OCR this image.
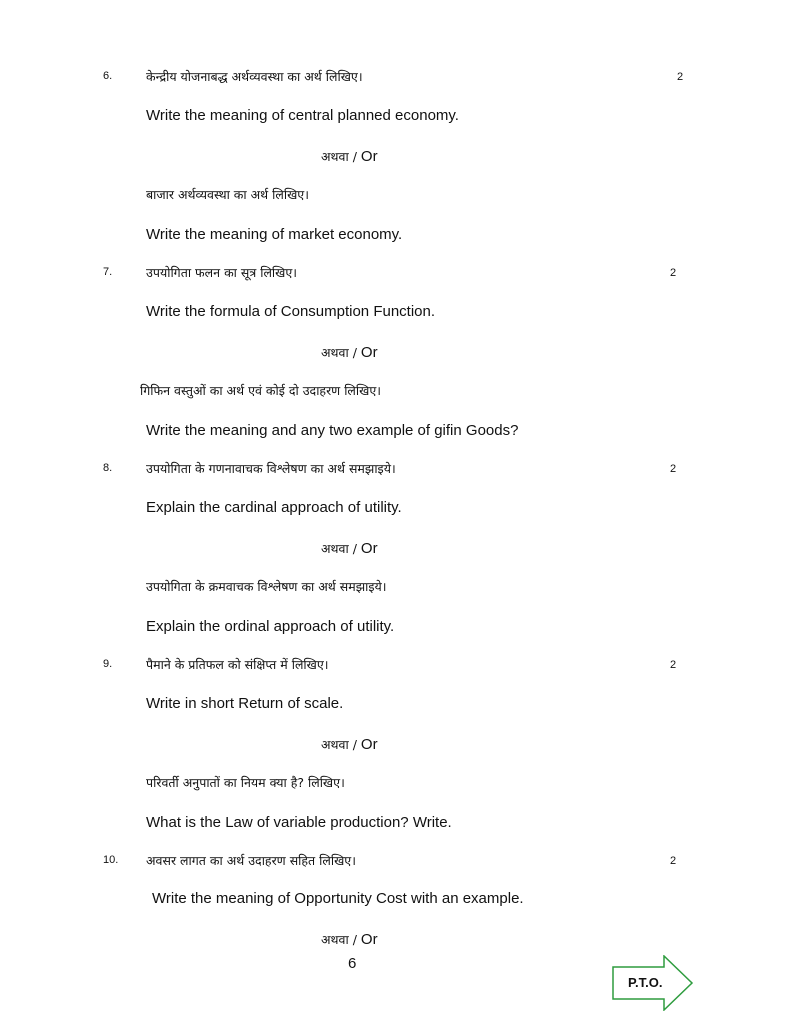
6.	केन्द्रीय योजनाबद्ध अर्थव्यवस्था का अर्थ लिखिए।	2
Write the meaning of central planned economy.
अथवा / Or
बाजार अर्थव्यवस्था का अर्थ लिखिए।
Write the meaning of market economy.
7.	उपयोगिता फलन का सूत्र लिखिए।	2
Write the formula of Consumption Function.
अथवा / Or
गिफिन वस्तुओं का अर्थ एवं कोई दो उदाहरण लिखिए।
Write the meaning and any two example of gifin Goods?
8.	उपयोगिता के गणनावाचक विश्लेषण का अर्थ समझाइये।	2
Explain the cardinal approach of utility.
अथवा / Or
उपयोगिता के क्रमवाचक विश्लेषण का अर्थ समझाइये।
Explain the ordinal approach of utility.
9.	पैमाने के प्रतिफल को संक्षिप्त में लिखिए।	2
Write in short Return of scale.
अथवा / Or
परिवर्ती अनुपातों का नियम क्या है? लिखिए।
What is the Law of variable production? Write.
10. अवसर लागत का अर्थ उदाहरण सहित लिखिए।	2
Write the meaning of Opportunity Cost with an example.
अथवा / Or
6
P.T.O.
